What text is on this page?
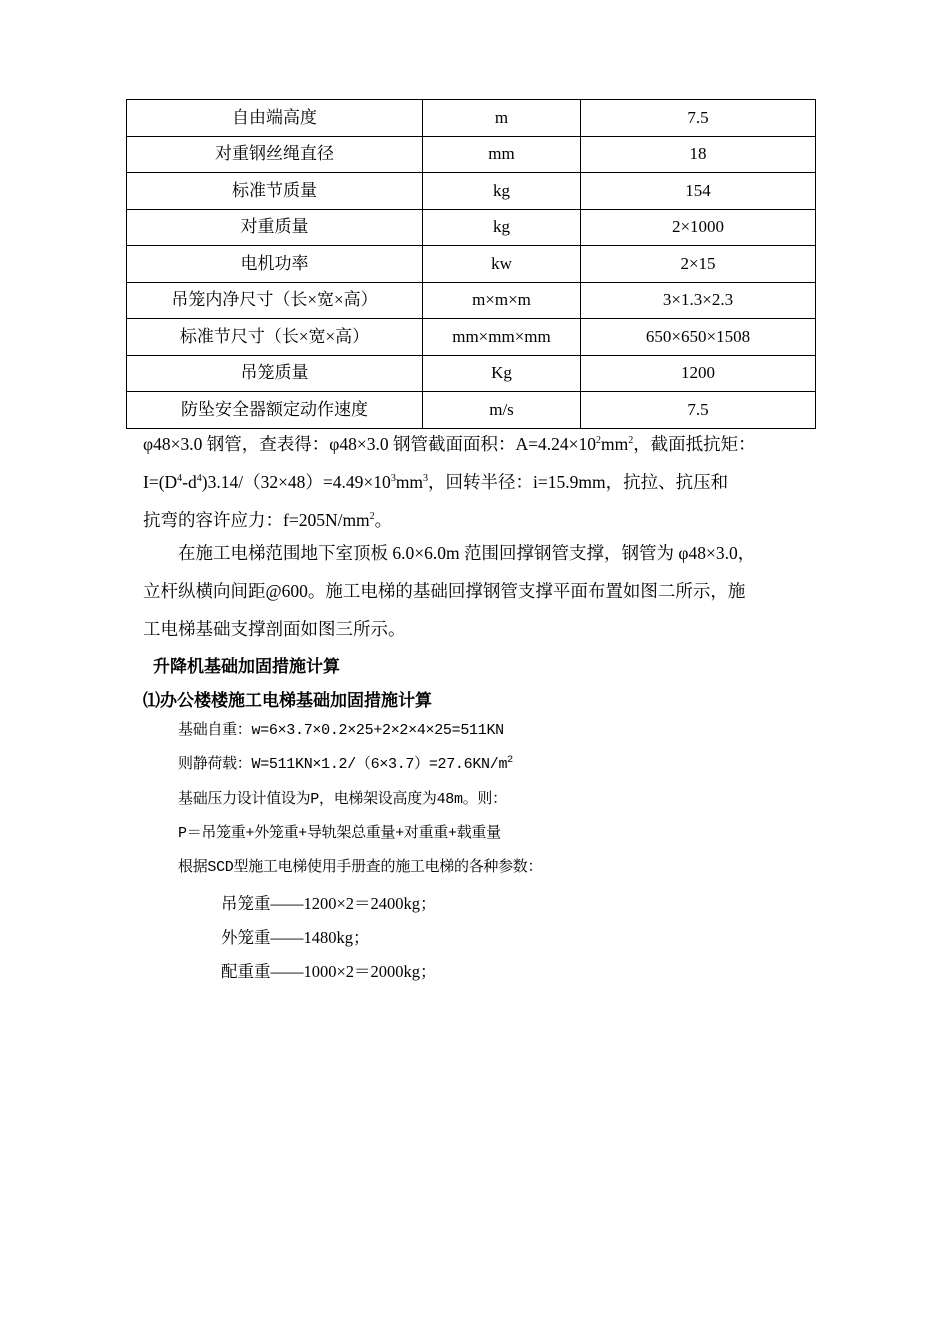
自由端高度	m	7.5
对重钢丝绳直径	mm	18
标准节质量	kg	154
对重质量	kg	2×1000
电机功率	kw	2×15
吊笼内净尺寸（长×宽×高）	m×m×m	3×1.3×2.3
标准节尺寸（长×宽×高）	mm×mm×mm	650×650×1508
吊笼质量	Kg	1200
防坠安全器额定动作速度	m/s	7.5
φ48×3.0 钢管，查表得：φ48×3.0 钢管截面面积：$A=4.24\times 10^2mm^2$，截面抵抗矩：
$I=(D^4-d^4)3.14/(32\times 48)=4.49\times 10^3mm^3$，回转半径：i=15.9mm，抗拉、抗压和
抗弯的容许应力：$f=205N/mm^2$。
在施工电梯范围地下室顶板 6.0×6.0m 范围回撑钢管支撑，钢管为 φ48×3.0，
立杆纵横向间距@600。施工电梯的基础回撑钢管支撑平面布置如图二所示，施
工电梯基础支撑剖面如图三所示。
升降机基础加固措施计算
⑴办公楼楼施工电梯基础加固措施计算
基础自重：w=6×3.7×0.2×25+2×2×4×25=511KN
则静荷载：$W=511KN\times 1.2/(6\times 3.7)=27.6KN/m^2$
基础压力设计值设为P，电梯架设高度为48m。则：
P＝吊笼重+外笼重+导轨架总重量+对重重+载重量
根据SCD型施工电梯使用手册查的施工电梯的各种参数：
吊笼重——1200×2＝2400kg；
外笼重——1480kg；
配重重——1000×2＝2000kg；
